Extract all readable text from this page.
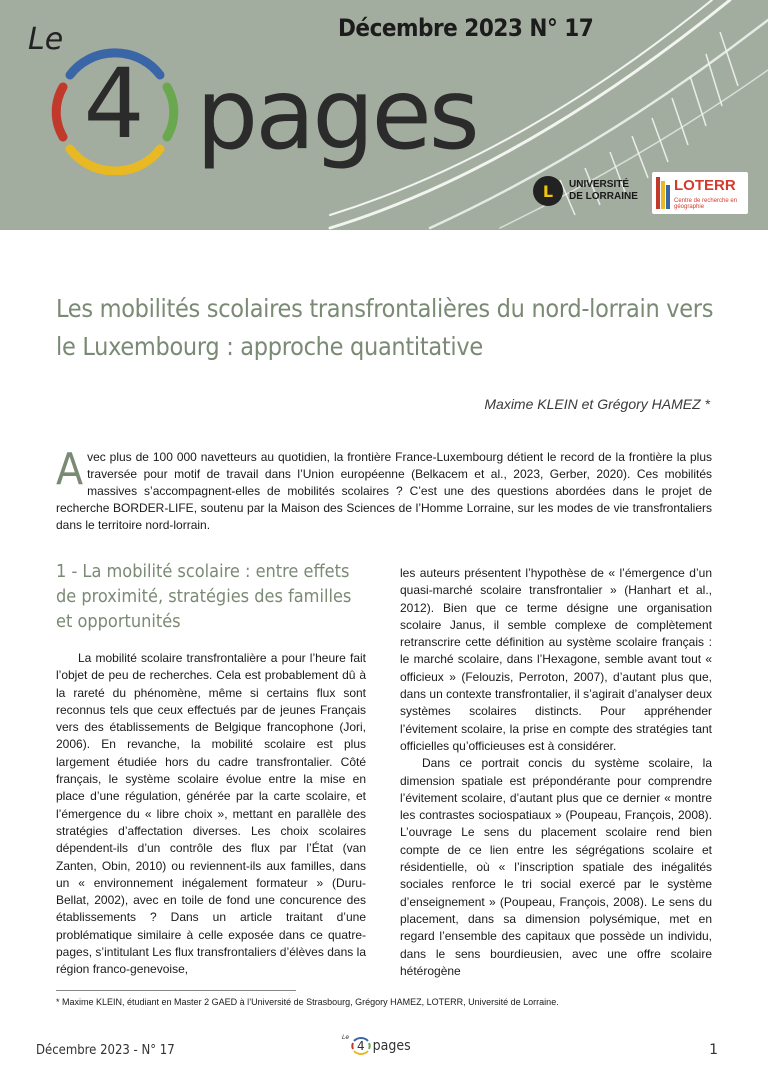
Le	Décembre 2023 N° 17
4 pages
L	UNIVERSITÉ
DE LORRAINE
LOTERR
Centre de recherche en géographie
Les mobilités scolaires transfrontalières du nord-lorrain vers le Luxembourg : approche quantitative
Maxime KLEIN et Grégory HAMEZ *

A vec plus de 100 000 navetteurs au quotidien, la frontière France-Luxembourg détient le record de la frontière la plus traversée pour motif de travail dans l’Union européenne (Belkacem et al., 2023, Gerber, 2020). Ces mobilités massives s’accompagnent-elles de mobilités scolaires ? C’est une des questions abordées dans le projet de recherche BORDER-LIFE, soutenu par la Maison des Sciences de l’Homme Lorraine, sur les modes de vie transfrontaliers dans le territoire nord-lorrain.

1 - La mobilité scolaire : entre effets de proximité, stratégies des familles et opportunités

La mobilité scolaire transfrontalière a pour l’heure fait l’objet de peu de recherches. Cela est probablement dû à la rareté du phénomène, même si certains flux sont reconnus tels que ceux effectués par de jeunes Français vers des établissements de Belgique francophone (Jori, 2006). En revanche, la mobilité scolaire est plus largement étudiée hors du cadre transfrontalier. Côté français, le système scolaire évolue entre la mise en place d’une régulation, générée par la carte scolaire, et l’émergence du « libre choix », mettant en parallèle des stratégies d’affectation diverses. Les choix scolaires dépendent-ils d’un contrôle des flux par l’État (van Zanten, Obin, 2010) ou reviennent-ils aux familles, dans un « environnement inégalement formateur » (Duru-Bellat, 2002), avec en toile de fond une concurence des établissements ? Dans un article traitant d’une problématique similaire à celle exposée dans ce quatre-pages, s’intitulant Les flux transfrontaliers d’élèves dans la région franco-genevoise,

les auteurs présentent l’hypothèse de « l’émergence d’un quasi-marché scolaire transfrontalier » (Hanhart et al., 2012). Bien que ce terme désigne une organisation scolaire Janus, il semble complexe de complètement retranscrire cette définition au système scolaire français : le marché scolaire, dans l’Hexagone, semble avant tout « officieux » (Felouzis, Perroton, 2007), d’autant plus que, dans un contexte transfrontalier, il s’agirait d’analyser deux systèmes scolaires distincts. Pour appréhender l’évitement scolaire, la prise en compte des stratégies tant officielles qu’officieuses est à considérer.

Dans ce portrait concis du système scolaire, la dimension spatiale est prépondérante pour comprendre l’évitement scolaire, d’autant plus que ce dernier « montre les contrastes sociospatiaux » (Poupeau, François, 2008). L’ouvrage Le sens du placement scolaire rend bien compte de ce lien entre les ségrégations scolaire et résidentielle, où « l’inscription spatiale des inégalités sociales renforce le tri social exercé par le système d’enseignement » (Poupeau, François, 2008). Le sens du placement, dans sa dimension polysémique, met en regard l’ensemble des capitaux que possède un individu, dans le sens bourdieusien, avec une offre scolaire hétérogène

* Maxime KLEIN, étudiant en Master 2 GAED à l’Université de Strasbourg, Grégory HAMEZ, LOTERR, Université de Lorraine.
Décembre 2023 - N° 17
Le
4 pages	1
